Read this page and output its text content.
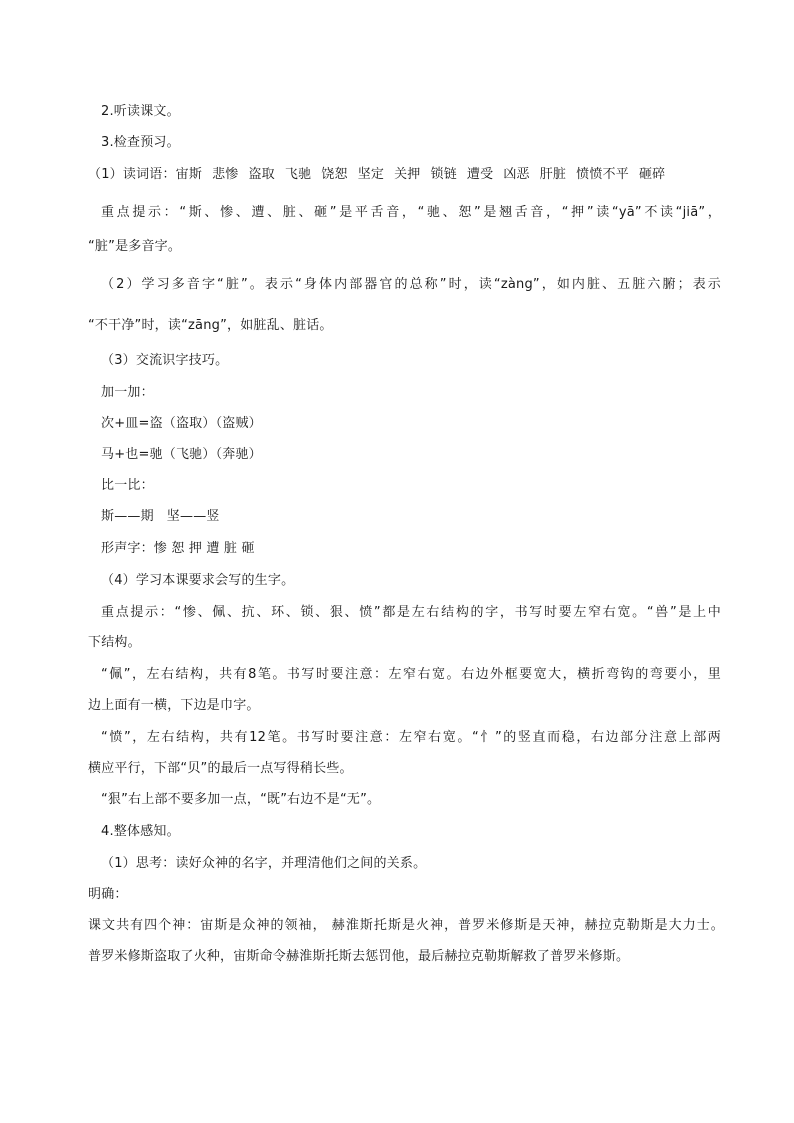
2.听读课文。

3.检查预习。

（1）读词语：宙斯 悲惨 盗取 飞驰 饶恕 坚定 关押 锁链 遭受 凶恶 肝脏 愤愤不平 砸碎

重点提示：“斯、惨、遭、脏、砸”是平舌音，“驰、恕”是翘舌音，“押”读“yā”不读“jiā”，

“脏”是多音字。

（2）学习多音字“脏”。表示“身体内部器官的总称”时，读“zàng”，如内脏、五脏六腑；表示

“不干净”时，读“zāng”，如脏乱、脏话。

（3）交流识字技巧。

加一加：

次+皿=盗（盗取）（盗贼）

马+也=驰（飞驰）（奔驰）

比一比：

斯——期   坚——竖

形声字：惨 恕 押 遭 脏 砸

（4）学习本课要求会写的生字。

重点提示：“惨、佩、抗、环、锁、狠、愤”都是左右结构的字，书写时要左窄右宽。“兽”是上中

下结构。

“佩”，左右结构，共有8笔。书写时要注意：左窄右宽。右边外框要宽大，横折弯钩的弯要小，里

边上面有一横，下边是巾字。

“愤”，左右结构，共有12笔。书写时要注意：左窄右宽。“忄”的竖直而稳，右边部分注意上部两

横应平行，下部“贝”的最后一点写得稍长些。

“狠”右上部不要多加一点，“既”右边不是“无”。

4.整体感知。

（1）思考：读好众神的名字，并理清他们之间的关系。

明确：

课文共有四个神：宙斯是众神的领袖， 赫淮斯托斯是火神，普罗米修斯是天神，赫拉克勒斯是大力士。

普罗米修斯盗取了火种，宙斯命令赫淮斯托斯去惩罚他，最后赫拉克勒斯解救了普罗米修斯。
